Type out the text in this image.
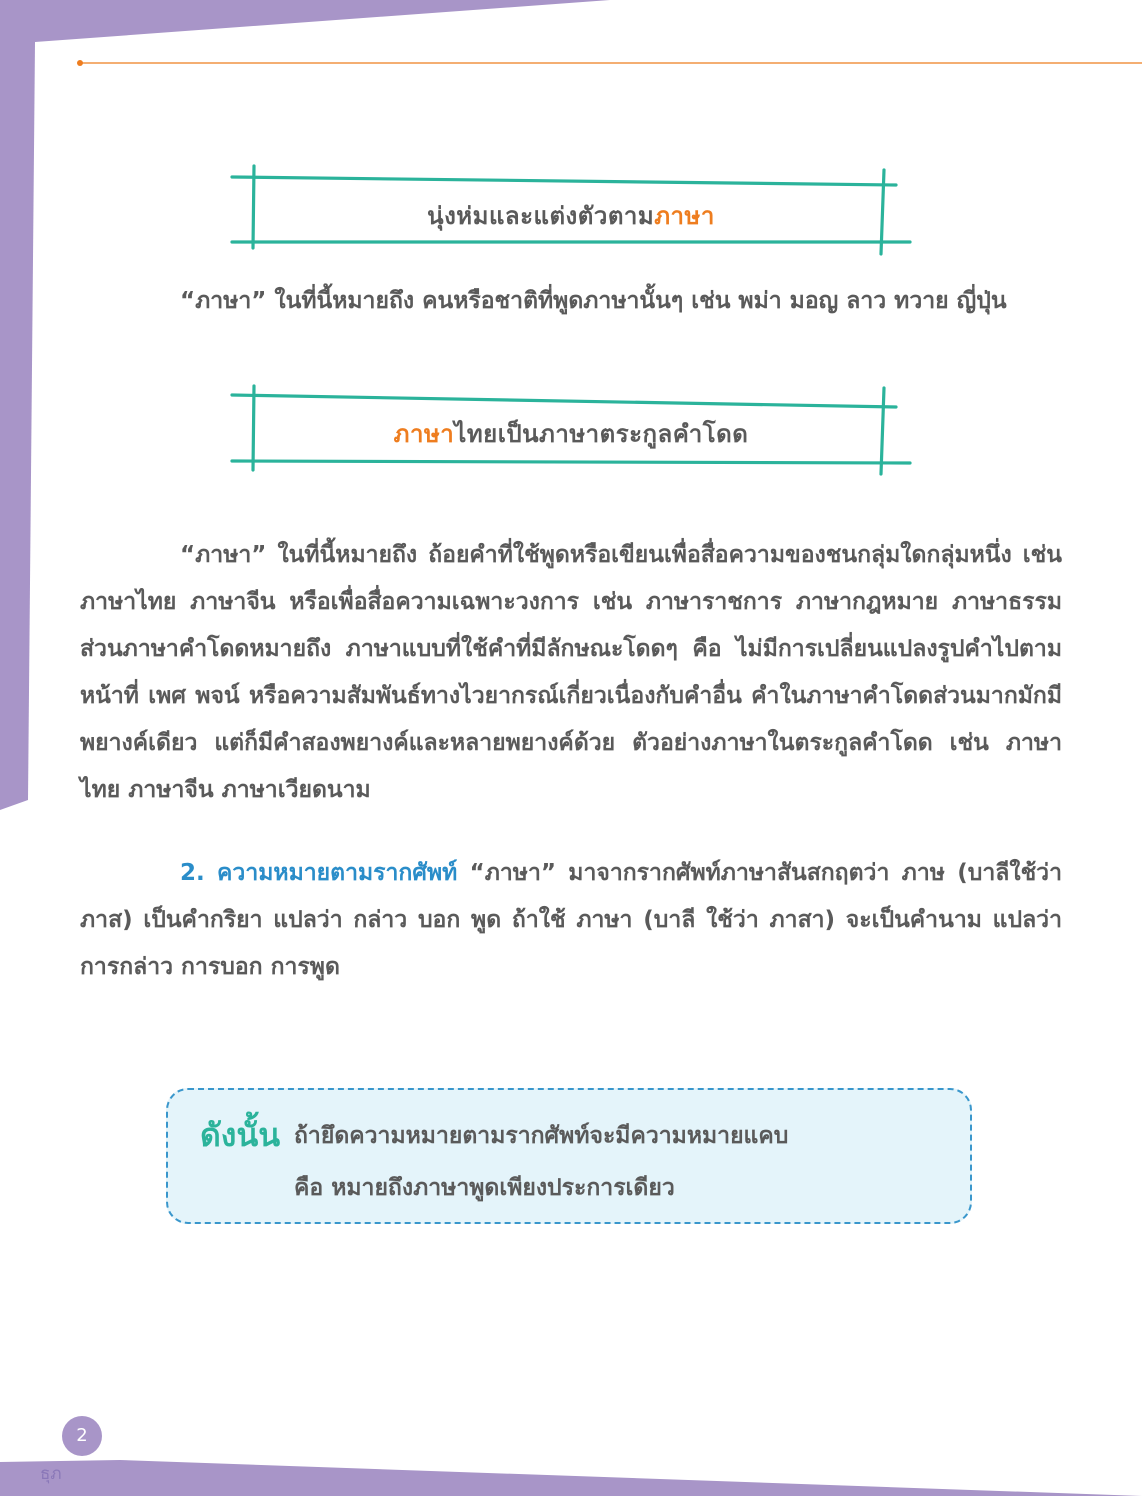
นุ่งห่มและแต่งตัวตามภาษา
“ภาษา” ในที่นี้หมายถึง คนหรือชาติที่พูดภาษานั้นๆ เช่น พม่า มอญ ลาว ทวาย ญี่ปุ่น
ภาษาไทยเป็นภาษาตระกูลคำโดด
“ภาษา” ในที่นี้หมายถึง ถ้อยคำที่ใช้พูดหรือเขียนเพื่อสื่อความของชนกลุ่มใดกลุ่มหนึ่ง เช่น ภาษาไทย ภาษาจีน หรือเพื่อสื่อความเฉพาะวงการ เช่น ภาษาราชการ ภาษากฎหมาย ภาษาธรรม ส่วนภาษาคำโดดหมายถึง ภาษาแบบที่ใช้คำที่มีลักษณะโดดๆ คือ ไม่มีการเปลี่ยนแปลงรูปคำไปตามหน้าที่ เพศ พจน์ หรือความสัมพันธ์ทางไวยากรณ์เกี่ยวเนื่องกับคำอื่น คำในภาษาคำโดดส่วนมากมักมีพยางค์เดียว แต่ก็มีคำสองพยางค์และหลายพยางค์ด้วย ตัวอย่างภาษาในตระกูลคำโดด เช่น ภาษาไทย ภาษาจีน ภาษาเวียดนาม
2. ความหมายตามรากศัพท์ “ภาษา” มาจากรากศัพท์ภาษาสันสกฤตว่า ภาษ (บาลีใช้ว่า ภาส) เป็นคำกริยา แปลว่า กล่าว บอก พูด ถ้าใช้ ภาษา (บาลี ใช้ว่า ภาสา) จะเป็นคำนาม แปลว่า การกล่าว การบอก การพูด
ดังนั้น ถ้ายึดความหมายตามรากศัพท์จะมีความหมายแคบ
คือ หมายถึงภาษาพูดเพียงประการเดียว
2
ธุภ
